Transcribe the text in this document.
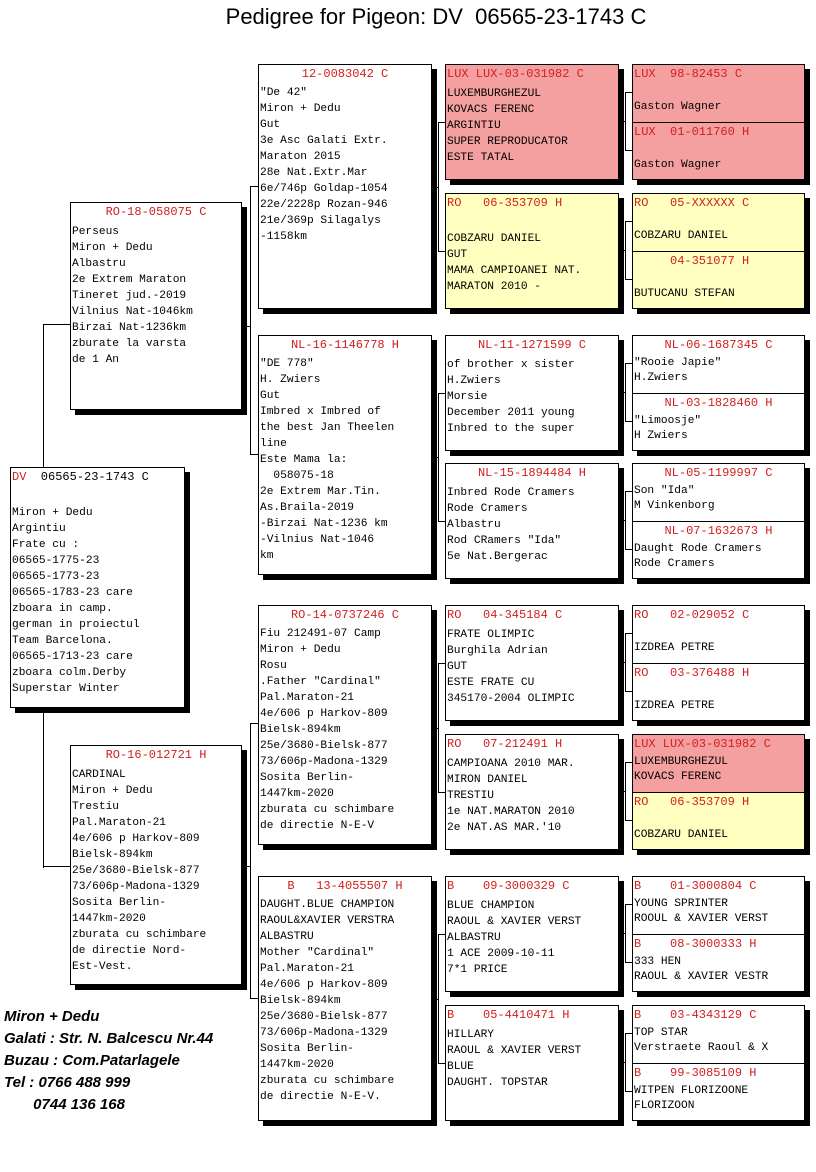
Pedigree for Pigeon: DV  06565-23-1743 C
DV  06565-23-1743 C
Miron + Dedu
Argintiu
Frate cu :
06565-1775-23
06565-1773-23
06565-1783-23 care
zboara in camp.
german in proiectul
Team Barcelona.
06565-1713-23 care
zboara colm.Derby
Superstar Winter
RO-18-058075 C
Perseus
Miron + Dedu
Albastru
2e Extrem Maraton
Tineret jud.-2019
Vilnius Nat-1046km
Birzai Nat-1236km
zburate la varsta
de 1 An
RO-16-012721 H
CARDINAL
Miron + Dedu
Trestiu
Pal.Maraton-21
4e/606 p Harkov-809
Bielsk-894km
25e/3680-Bielsk-877
73/606p-Madona-1329
Sosita Berlin-
1447km-2020
zburata cu schimbare
de directie Nord-
Est-Vest.
12-0083042 C
"De 42"
Miron + Dedu
Gut
3e Asc Galati Extr.
Maraton 2015
28e Nat.Extr.Mar
6e/746p Goldap-1054
22e/2228p Rozan-946
21e/369p Silagalys
-1158km
NL-16-1146778 H
"DE 778"
H. Zwiers
Gut
Imbred x Imbred of
the best Jan Theelen
line
Este Mama la:
058075-18
2e Extrem Mar.Tin.
As.Braila-2019
-Birzai Nat-1236 km
-Vilnius Nat-1046
km
RO-14-0737246 C
Fiu 212491-07 Camp
Miron + Dedu
Rosu
.Father "Cardinal"
Pal.Maraton-21
4e/606 p Harkov-809
Bielsk-894km
25e/3680-Bielsk-877
73/606p-Madona-1329
Sosita Berlin-
1447km-2020
zburata cu schimbare
de directie N-E-V
B   13-4055507 H
DAUGHT.BLUE CHAMPION
RAOUL&XAVIER VERSTRA
ALBASTRU
Mother "Cardinal"
Pal.Maraton-21
4e/606 p Harkov-809
Bielsk-894km
25e/3680-Bielsk-877
73/606p-Madona-1329
Sosita Berlin-
1447km-2020
zburata cu schimbare
de directie N-E-V.
LUX LUX-03-031982 C
LUXEMBURGHEZUL
KOVACS FERENC
ARGINTIU
SUPER REPRODUCATOR
ESTE TATAL
RO   06-353709 H
COBZARU DANIEL
GUT
MAMA CAMPIOANEI NAT.
MARATON 2010 -
NL-11-1271599 C
of brother x sister
H.Zwiers
Morsie
December 2011 young
Inbred to the super
NL-15-1894484 H
Inbred Rode Cramers
Rode Cramers
Albastru
Rod CRamers "Ida"
5e Nat.Bergerac
RO   04-345184 C
FRATE OLIMPIC
Burghila Adrian
GUT
ESTE FRATE CU
345170-2004 OLIMPIC
RO   07-212491 H
CAMPIOANA 2010 MAR.
MIRON DANIEL
TRESTIU
1e NAT.MARATON 2010
2e NAT.AS MAR.'10
B    09-3000329 C
BLUE CHAMPION
RAOUL & XAVIER VERST
ALBASTRU
1 ACE 2009-10-11
7*1 PRICE
B    05-4410471 H
HILLARY
RAOUL & XAVIER VERST
BLUE
DAUGHT. TOPSTAR
LUX  98-82453 C
Gaston Wagner
LUX  01-011760 H
Gaston Wagner
RO   05-XXXXXX C
COBZARU DANIEL
04-351077 H
BUTUCANU STEFAN
NL-06-1687345 C
"Rooie Japie"
H.Zwiers
NL-03-1828460 H
"Limoosje"
H Zwiers
NL-05-1199997 C
Son "Ida"
M Vinkenborg
NL-07-1632673 H
Daught Rode Cramers
Rode Cramers
RO   02-029052 C
IZDREA PETRE
RO   03-376488 H
IZDREA PETRE
LUX LUX-03-031982 C
LUXEMBURGHEZUL
KOVACS FERENC
RO   06-353709 H
COBZARU DANIEL
B    01-3000804 C
YOUNG SPRINTER
ROOUL & XAVIER VERST
B    08-3000333 H
333 HEN
RAOUL & XAVIER VESTR
B    03-4343129 C
TOP STAR
Verstraete Raoul & X
B    99-3085109 H
WITPEN FLORIZOONE
FLORIZOON
Miron + Dedu
Galati : Str. N. Balcescu Nr.44
Buzau : Com.Patarlagele
Tel : 0766 488 999
0744 136 168
